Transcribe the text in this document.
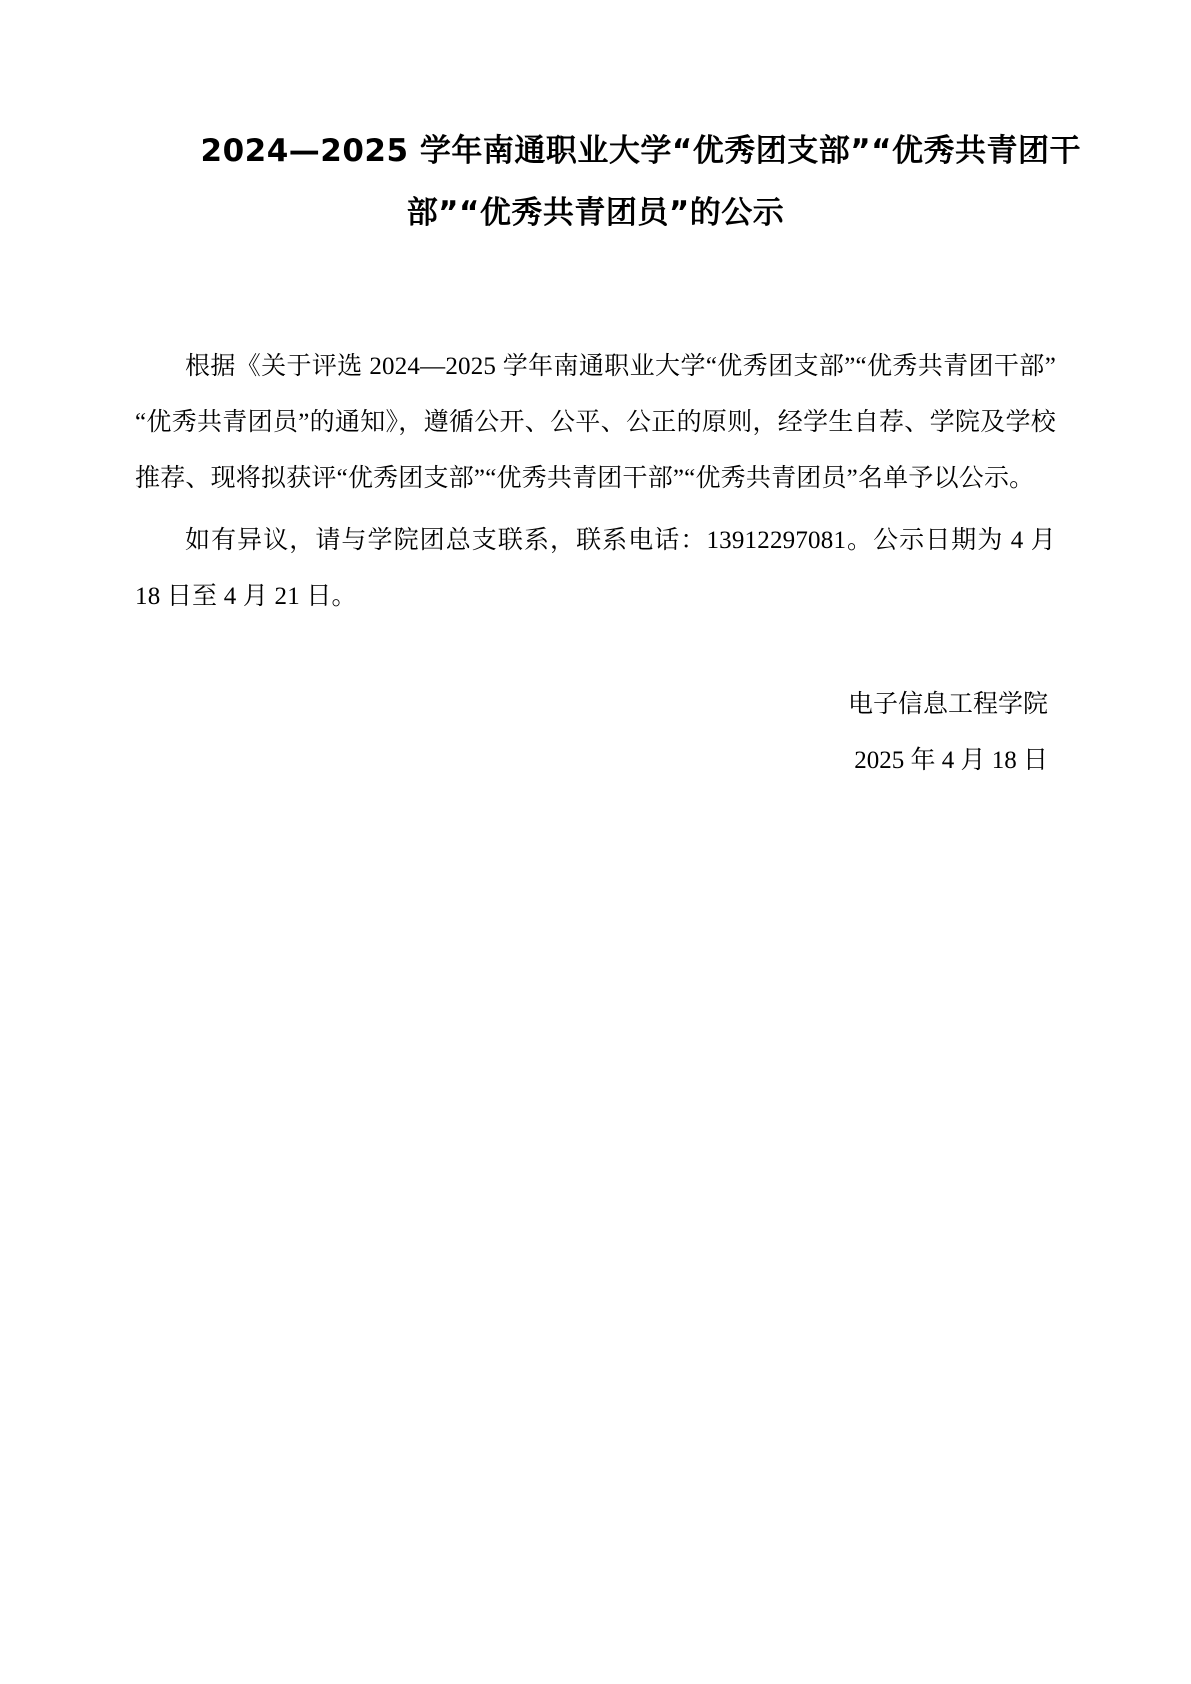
2024—2025 学年南通职业大学“优秀团支部”“优秀共青团干
部”“优秀共青团员”的公示

根据《关于评选 2024—2025 学年南通职业大学“优秀团支部”“优秀共青团干部”“优秀共青团员”的通知》，遵循公开、公平、公正的原则，经学生自荐、学院及学校推荐、现将拟获评“优秀团支部”“优秀共青团干部”“优秀共青团员”名单予以公示。

如有异议，请与学院团总支联系，联系电话：13912297081。公示日期为 4 月 18 日至 4 月 21 日。

电子信息工程学院
2025 年 4 月 18 日
